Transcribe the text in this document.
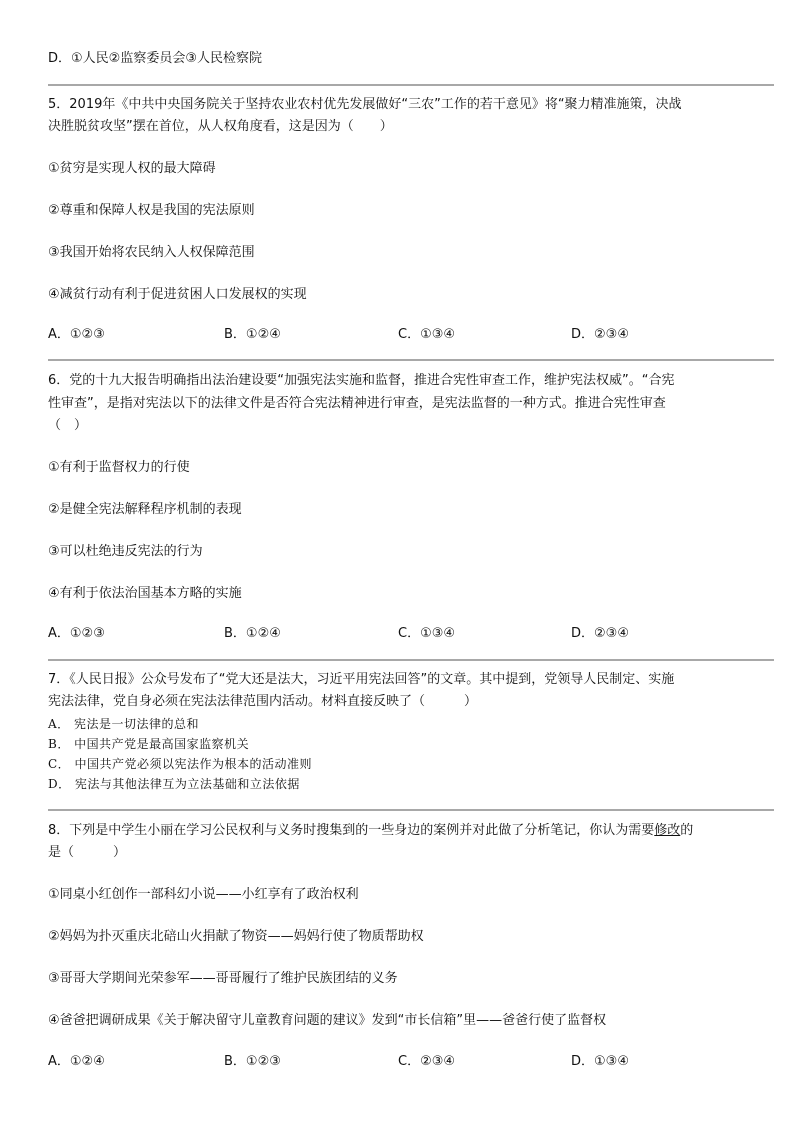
D．①人民②监察委员会③人民检察院
5．2019年《中共中央国务院关于坚持农业农村优先发展做好“三农”工作的若干意见》将“聚力精准施策，决战
决胜脱贫攻坚”摆在首位，从人权角度看，这是因为（　　）
①贫穷是实现人权的最大障碍
②尊重和保障人权是我国的宪法原则
③我国开始将农民纳入人权保障范围
④减贫行动有利于促进贫困人口发展权的实现
A．①②③	B．①②④	C．①③④	D．②③④
6．党的十九大报告明确指出法治建设要“加强宪法实施和监督，推进合宪性审查工作，维护宪法权威”。“合宪
性审查”，是指对宪法以下的法律文件是否符合宪法精神进行审查，是宪法监督的一种方式。推进合宪性审查
（　）
①有利于监督权力的行使
②是健全宪法解释程序机制的表现
③可以杜绝违反宪法的行为
④有利于依法治国基本方略的实施
A．①②③	B．①②④	C．①③④	D．②③④
7．《人民日报》公众号发布了“党大还是法大，习近平用宪法回答”的文章。其中提到，党领导人民制定、实施
宪法法律，党自身必须在宪法法律范围内活动。材料直接反映了（　　　）
A． 宪法是一切法律的总和
B． 中国共产党是最高国家监察机关
C． 中国共产党必须以宪法作为根本的活动准则
D． 宪法与其他法律互为立法基础和立法依据
8．下列是中学生小丽在学习公民权利与义务时搜集到的一些身边的案例并对此做了分析笔记，你认为需要修改的
是（　　　）
①同桌小红创作一部科幻小说——小红享有了政治权利
②妈妈为扑灭重庆北碚山火捐献了物资——妈妈行使了物质帮助权
③哥哥大学期间光荣参军——哥哥履行了维护民族团结的义务
④爸爸把调研成果《关于解决留守儿童教育问题的建议》发到“市长信箱”里——爸爸行使了监督权
A．①②④	B．①②③	C．②③④	D．①③④
